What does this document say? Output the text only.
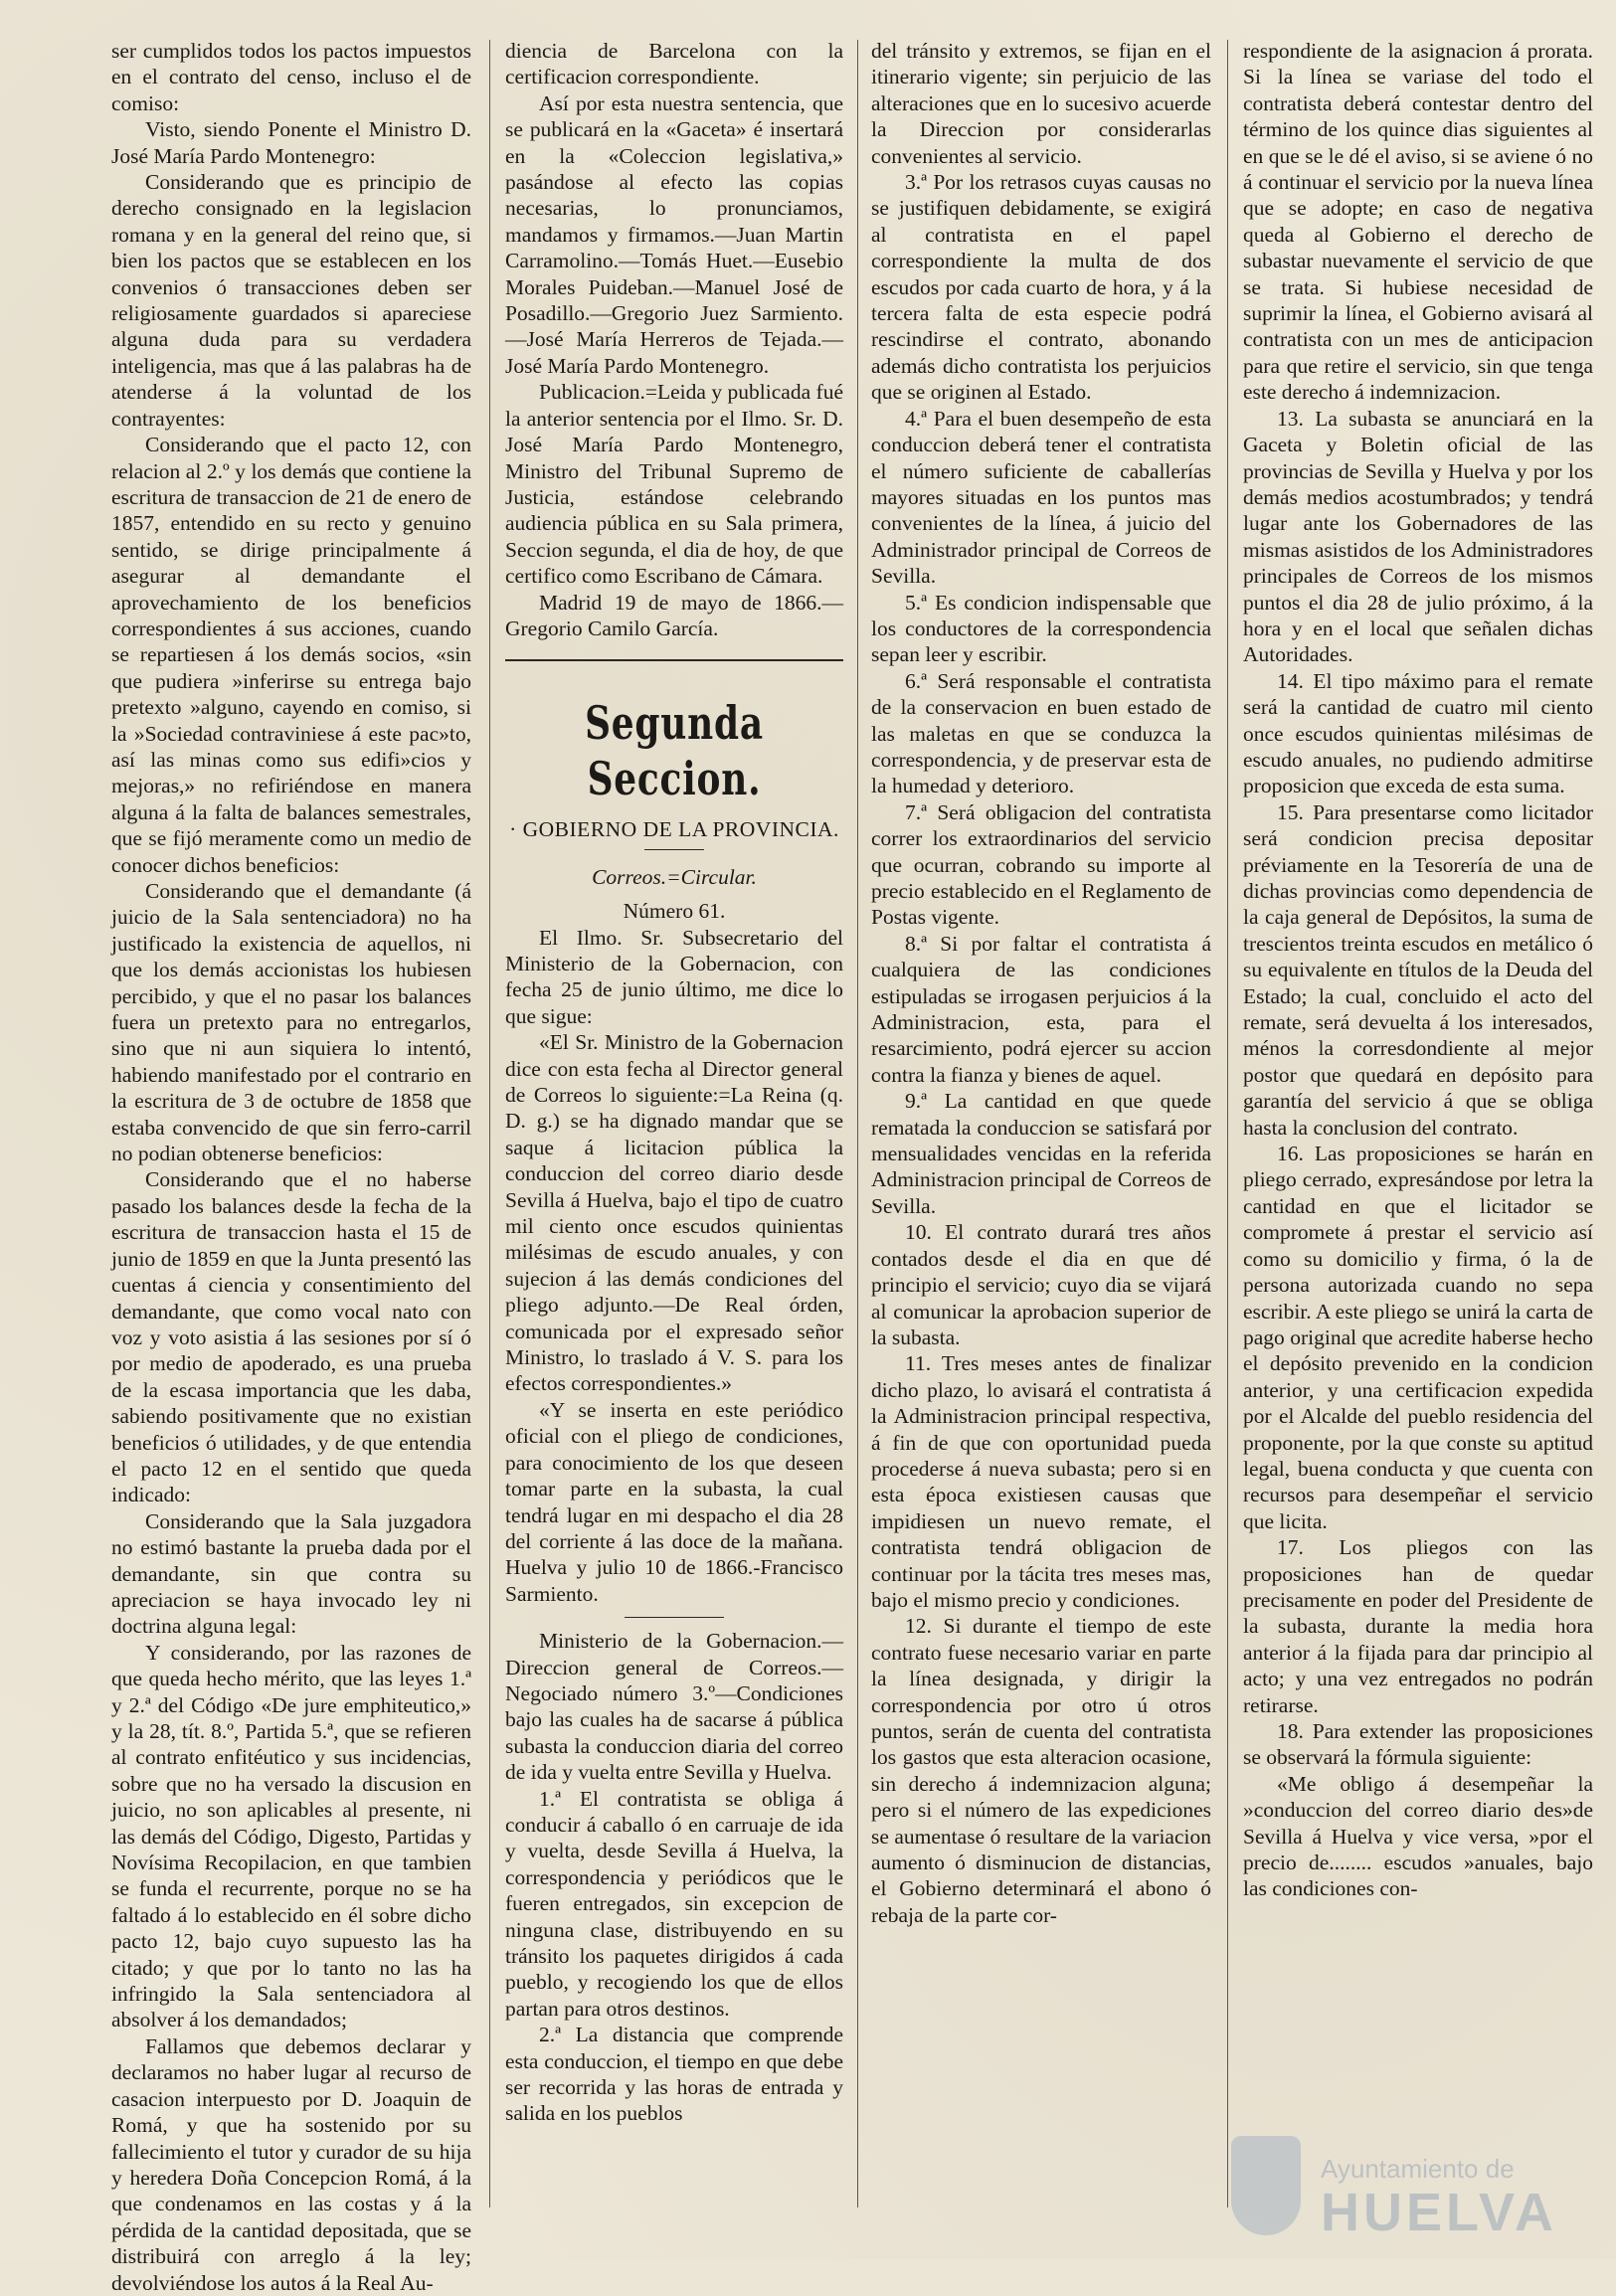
ser cumplidos todos los pactos impuestos en el contrato del censo, incluso el de comiso:

Visto, siendo Ponente el Ministro D. José María Pardo Montenegro:

Considerando que es principio de derecho consignado en la legislacion romana y en la general del reino que, si bien los pactos que se establecen en los convenios ó transacciones deben ser religiosamente guardados si apareciese alguna duda para su verdadera inteligencia, mas que á las palabras ha de atenderse á la voluntad de los contrayentes:

Considerando que el pacto 12, con relacion al 2.º y los demás que contiene la escritura de transaccion de 21 de enero de 1857, entendido en su recto y genuino sentido, se dirige principalmente á asegurar al demandante el aprovechamiento de los beneficios correspondientes á sus acciones, cuando se repartiesen á los demás socios, «sin que pudiera »inferirse su entrega bajo pretexto »alguno, cayendo en comiso, si la »Sociedad contraviniese á este pac»to, así las minas como sus edifi»cios y mejoras,» no refiriéndose en manera alguna á la falta de balances semestrales, que se fijó meramente como un medio de conocer dichos beneficios:

Considerando que el demandante (á juicio de la Sala sentenciadora) no ha justificado la existencia de aquellos, ni que los demás accionistas los hubiesen percibido, y que el no pasar los balances fuera un pretexto para no entregarlos, sino que ni aun siquiera lo intentó, habiendo manifestado por el contrario en la escritura de 3 de octubre de 1858 que estaba convencido de que sin ferro-carril no podian obtenerse beneficios:

Considerando que el no haberse pasado los balances desde la fecha de la escritura de transaccion hasta el 15 de junio de 1859 en que la Junta presentó las cuentas á ciencia y consentimiento del demandante, que como vocal nato con voz y voto asistia á las sesiones por sí ó por medio de apoderado, es una prueba de la escasa importancia que les daba, sabiendo positivamente que no existian beneficios ó utilidades, y de que entendia el pacto 12 en el sentido que queda indicado:

Considerando que la Sala juzgadora no estimó bastante la prueba dada por el demandante, sin que contra su apreciacion se haya invocado ley ni doctrina alguna legal:

Y considerando, por las razones de que queda hecho mérito, que las leyes 1.ª y 2.ª del Código «De jure emphiteutico,» y la 28, tít. 8.º, Partida 5.ª, que se refieren al contrato enfitéutico y sus incidencias, sobre que no ha versado la discusion en juicio, no son aplicables al presente, ni las demás del Código, Digesto, Partidas y Novísima Recopilacion, en que tambien se funda el recurrente, porque no se ha faltado á lo establecido en él sobre dicho pacto 12, bajo cuyo supuesto las ha citado; y que por lo tanto no las ha infringido la Sala sentenciadora al absolver á los demandados;

Fallamos que debemos declarar y declaramos no haber lugar al recurso de casacion interpuesto por D. Joaquin de Romá, y que ha sostenido por su fallecimiento el tutor y curador de su hija y heredera Doña Concepcion Romá, á la que condenamos en las costas y á la pérdida de la cantidad depositada, que se distribuirá con arreglo á la ley; devolviéndose los autos á la Real Au-

diencia de Barcelona con la certificacion correspondiente.

Así por esta nuestra sentencia, que se publicará en la «Gaceta» é insertará en la «Coleccion legislativa,» pasándose al efecto las copias necesarias, lo pronunciamos, mandamos y firmamos.—Juan Martin Carramolino.—Tomás Huet.—Eusebio Morales Puideban.—Manuel José de Posadillo.—Gregorio Juez Sarmiento.—José María Herreros de Tejada.—José María Pardo Montenegro.

Publicacion.=Leida y publicada fué la anterior sentencia por el Ilmo. Sr. D. José María Pardo Montenegro, Ministro del Tribunal Supremo de Justicia, estándose celebrando audiencia pública en su Sala primera, Seccion segunda, el dia de hoy, de que certifico como Escribano de Cámara.

Madrid 19 de mayo de 1866.—Gregorio Camilo García.

Segunda Seccion.

· GOBIERNO DE LA PROVINCIA.

Correos.=Circular.

Número 61.

El Ilmo. Sr. Subsecretario del Ministerio de la Gobernacion, con fecha 25 de junio último, me dice lo que sigue:

«El Sr. Ministro de la Gobernacion dice con esta fecha al Director general de Correos lo siguiente:=La Reina (q. D. g.) se ha dignado mandar que se saque á licitacion pública la conduccion del correo diario desde Sevilla á Huelva, bajo el tipo de cuatro mil ciento once escudos quinientas milésimas de escudo anuales, y con sujecion á las demás condiciones del pliego adjunto.—De Real órden, comunicada por el expresado señor Ministro, lo traslado á V. S. para los efectos correspondientes.»

«Y se inserta en este periódico oficial con el pliego de condiciones, para conocimiento de los que deseen tomar parte en la subasta, la cual tendrá lugar en mi despacho el dia 28 del corriente á las doce de la mañana. Huelva y julio 10 de 1866.-Francisco Sarmiento.

Ministerio de la Gobernacion.—Direccion general de Correos.—Negociado número 3.º—Condiciones bajo las cuales ha de sacarse á pública subasta la conduccion diaria del correo de ida y vuelta entre Sevilla y Huelva.

1.ª El contratista se obliga á conducir á caballo ó en carruaje de ida y vuelta, desde Sevilla á Huelva, la correspondencia y periódicos que le fueren entregados, sin excepcion de ninguna clase, distribuyendo en su tránsito los paquetes dirigidos á cada pueblo, y recogiendo los que de ellos partan para otros destinos.

2.ª La distancia que comprende esta conduccion, el tiempo en que debe ser recorrida y las horas de entrada y salida en los pueblos

del tránsito y extremos, se fijan en el itinerario vigente; sin perjuicio de las alteraciones que en lo sucesivo acuerde la Direccion por considerarlas convenientes al servicio.

3.ª Por los retrasos cuyas causas no se justifiquen debidamente, se exigirá al contratista en el papel correspondiente la multa de dos escudos por cada cuarto de hora, y á la tercera falta de esta especie podrá rescindirse el contrato, abonando además dicho contratista los perjuicios que se originen al Estado.

4.ª Para el buen desempeño de esta conduccion deberá tener el contratista el número suficiente de caballerías mayores situadas en los puntos mas convenientes de la línea, á juicio del Administrador principal de Correos de Sevilla.

5.ª Es condicion indispensable que los conductores de la correspondencia sepan leer y escribir.

6.ª Será responsable el contratista de la conservacion en buen estado de las maletas en que se conduzca la correspondencia, y de preservar esta de la humedad y deterioro.

7.ª Será obligacion del contratista correr los extraordinarios del servicio que ocurran, cobrando su importe al precio establecido en el Reglamento de Postas vigente.

8.ª Si por faltar el contratista á cualquiera de las condiciones estipuladas se irrogasen perjuicios á la Administracion, esta, para el resarcimiento, podrá ejercer su accion contra la fianza y bienes de aquel.

9.ª La cantidad en que quede rematada la conduccion se satisfará por mensualidades vencidas en la referida Administracion principal de Correos de Sevilla.

10. El contrato durará tres años contados desde el dia en que dé principio el servicio; cuyo dia se vijará al comunicar la aprobacion superior de la subasta.

11. Tres meses antes de finalizar dicho plazo, lo avisará el contratista á la Administracion principal respectiva, á fin de que con oportunidad pueda procederse á nueva subasta; pero si en esta época existiesen causas que impidiesen un nuevo remate, el contratista tendrá obligacion de continuar por la tácita tres meses mas, bajo el mismo precio y condiciones.

12. Si durante el tiempo de este contrato fuese necesario variar en parte la línea designada, y dirigir la correspondencia por otro ú otros puntos, serán de cuenta del contratista los gastos que esta alteracion ocasione, sin derecho á indemnizacion alguna; pero si el número de las expediciones se aumentase ó resultare de la variacion aumento ó disminucion de distancias, el Gobierno determinará el abono ó rebaja de la parte cor-

respondiente de la asignacion á prorata. Si la línea se variase del todo el contratista deberá contestar dentro del término de los quince dias siguientes al en que se le dé el aviso, si se aviene ó no á continuar el servicio por la nueva línea que se adopte; en caso de negativa queda al Gobierno el derecho de subastar nuevamente el servicio de que se trata. Si hubiese necesidad de suprimir la línea, el Gobierno avisará al contratista con un mes de anticipacion para que retire el servicio, sin que tenga este derecho á indemnizacion.

13. La subasta se anunciará en la Gaceta y Boletin oficial de las provincias de Sevilla y Huelva y por los demás medios acostumbrados; y tendrá lugar ante los Gobernadores de las mismas asistidos de los Administradores principales de Correos de los mismos puntos el dia 28 de julio próximo, á la hora y en el local que señalen dichas Autoridades.

14. El tipo máximo para el remate será la cantidad de cuatro mil ciento once escudos quinientas milésimas de escudo anuales, no pudiendo admitirse proposicion que exceda de esta suma.

15. Para presentarse como licitador será condicion precisa depositar préviamente en la Tesorería de una de dichas provincias como dependencia de la caja general de Depósitos, la suma de trescientos treinta escudos en metálico ó su equivalente en títulos de la Deuda del Estado; la cual, concluido el acto del remate, será devuelta á los interesados, ménos la corresdondiente al mejor postor que quedará en depósito para garantía del servicio á que se obliga hasta la conclusion del contrato.

16. Las proposiciones se harán en pliego cerrado, expresándose por letra la cantidad en que el licitador se compromete á prestar el servicio así como su domicilio y firma, ó la de persona autorizada cuando no sepa escribir. A este pliego se unirá la carta de pago original que acredite haberse hecho el depósito prevenido en la condicion anterior, y una certificacion expedida por el Alcalde del pueblo residencia del proponente, por la que conste su aptitud legal, buena conducta y que cuenta con recursos para desempeñar el servicio que licita.

17. Los pliegos con las proposiciones han de quedar precisamente en poder del Presidente de la subasta, durante la media hora anterior á la fijada para dar principio al acto; y una vez entregados no podrán retirarse.

18. Para extender las proposiciones se observará la fórmula siguiente:

«Me obligo á desempeñar la »conduccion del correo diario des»de Sevilla á Huelva y vice versa, »por el precio de........ escudos »anuales, bajo las condiciones con-

Ayuntamiento de
HUELVA
